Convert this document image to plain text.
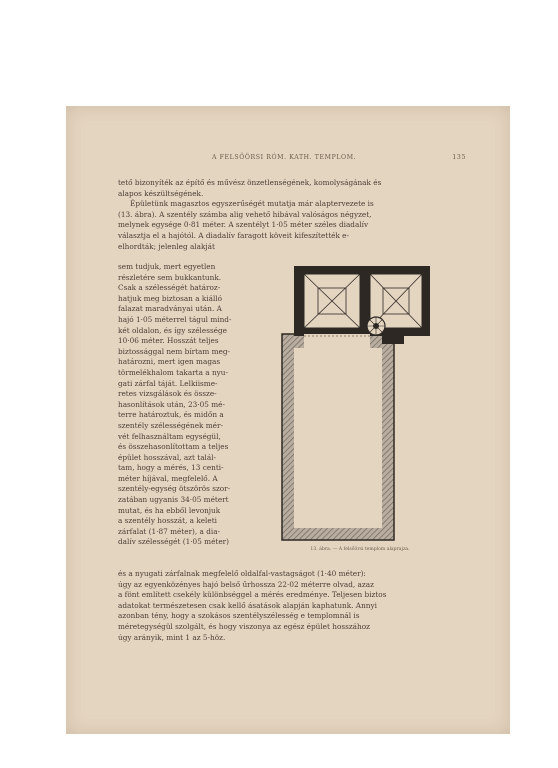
A FELSŐÖRSI RÓM. KATH. TEMPLOM.	135

tető bizonyíték az építő és művész önzetlenségének, komolyságának és

alapos készültségének.

Épületünk magasztos egyszerűségét mutatja már alaptervezete is

(13. ábra). A szentély számba alig vehető hibával valóságos négyzet,

melynek egysége 0·81 méter. A szentélyt 1·05 méter széles diadalív

választja el a hajótól. A diadalív faragott köveit kifeszítették e-

elhordták; jelenleg alakját

sem tudjuk, mert egyetlen

részletére sem bukkantunk.

Csak a szélességét határoz-

hatjuk meg biztosan a kiálló

falazat maradványai után. A

hajó 1·05 méterrel tágul mind-

két oldalon, és így szélessége

10·06 méter. Hosszát teljes

biztossággal nem bírtam meg-

határozni, mert igen magas

törmelékhalom takarta a nyu-

gati zárfal táját. Lelkiisme-

retes vizsgálások és össze-

hasonlítások után, 23·05 mé-

terre határoztuk, és midőn a

szentély szélességének mér-

vét felhasználtam egységül,

és összehasonlítottam a teljes

épület hosszával, azt talál-

tam, hogy a mérés, 13 centi-

méter híjával, megfelelő. A

szentély-egység ötszörös szor-

zatában ugyanis 34·05 métert

mutat, és ha ebből levonjuk

a szentély hosszát, a keleti

zárfalat (1·87 méter), a dia-

dalív szélességét (1·05 méter)

és a nyugati zárfalnak megfelelő oldalfal-vastagságot (1·40 méter):

úgy az egyenközényes hajó belső űrhossza 22·02 méterre olvad, azaz

a fönt említett csekély különbséggel a mérés eredménye. Teljesen biztos

adatokat természetesen csak kellő ásatások alapján kaphatunk. Annyi

azonban tény, hogy a szokásos szentélyszélesség e templomnál is

méretegységül szolgált, és hogy viszonya az egész épület hosszához

úgy arányik, mint 1 az 5-höz.

13. ábra. — A felsőörsi templom alaprajza.
